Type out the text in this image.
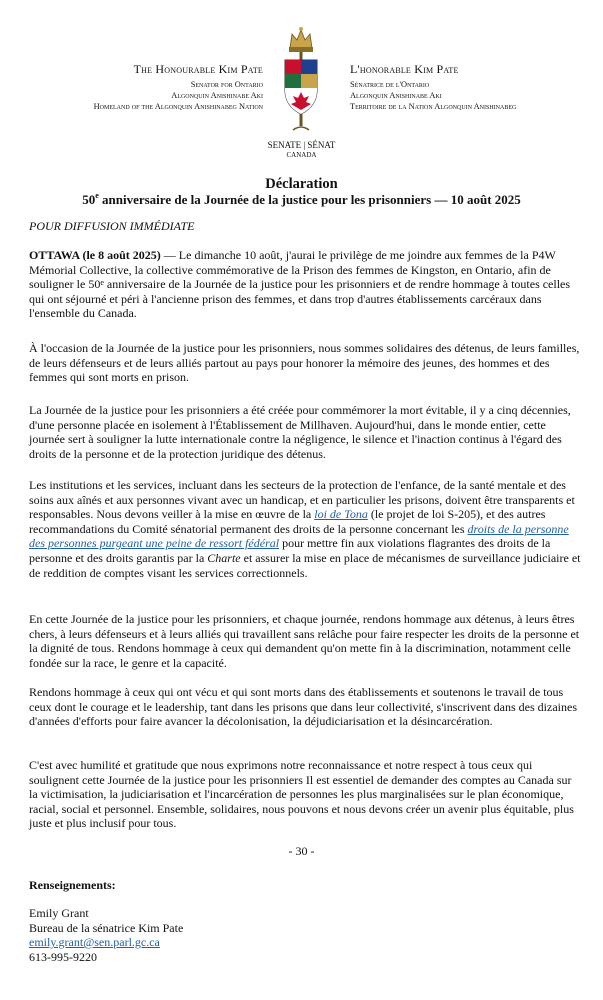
The Honourable Kim Pate
Senator for Ontario
Algonquin Anishinabe Aki
Homeland of the Algonquin Anishinabeg Nation
L'honorable Kim Pate
Sénatrice de l'Ontario
Algonquin Anishinabe Aki
Territoire de la Nation Algonquin Anishinabeg
SENATE | SÉNAT
CANADA
Déclaration
50e anniversaire de la Journée de la justice pour les prisonniers — 10 août 2025
POUR DIFFUSION IMMÉDIATE
OTTAWA (le 8 août 2025) — Le dimanche 10 août, j'aurai le privilège de me joindre aux femmes de la P4W Mémorial Collective, la collective commémorative de la Prison des femmes de Kingston, en Ontario, afin de souligner le 50e anniversaire de la Journée de la justice pour les prisonniers et de rendre hommage à toutes celles qui ont séjourné et péri à l'ancienne prison des femmes, et dans trop d'autres établissements carcéraux dans l'ensemble du Canada.
À l'occasion de la Journée de la justice pour les prisonniers, nous sommes solidaires des détenus, de leurs familles, de leurs défenseurs et de leurs alliés partout au pays pour honorer la mémoire des jeunes, des hommes et des femmes qui sont morts en prison.
La Journée de la justice pour les prisonniers a été créée pour commémorer la mort évitable, il y a cinq décennies, d'une personne placée en isolement à l'Établissement de Millhaven. Aujourd'hui, dans le monde entier, cette journée sert à souligner la lutte internationale contre la négligence, le silence et l'inaction continus à l'égard des droits de la personne et de la protection juridique des détenus.
Les institutions et les services, incluant dans les secteurs de la protection de l'enfance, de la santé mentale et des soins aux aînés et aux personnes vivant avec un handicap, et en particulier les prisons, doivent être transparents et responsables. Nous devons veiller à la mise en œuvre de la loi de Tona (le projet de loi S-205), et des autres recommandations du Comité sénatorial permanent des droits de la personne concernant les droits de la personne des personnes purgeant une peine de ressort fédéral pour mettre fin aux violations flagrantes des droits de la personne et des droits garantis par la Charte et assurer la mise en place de mécanismes de surveillance judiciaire et de reddition de comptes visant les services correctionnels.
En cette Journée de la justice pour les prisonniers, et chaque journée, rendons hommage aux détenus, à leurs êtres chers, à leurs défenseurs et à leurs alliés qui travaillent sans relâche pour faire respecter les droits de la personne et la dignité de tous. Rendons hommage à ceux qui demandent qu'on mette fin à la discrimination, notamment celle fondée sur la race, le genre et la capacité.
Rendons hommage à ceux qui ont vécu et qui sont morts dans des établissements et soutenons le travail de tous ceux dont le courage et le leadership, tant dans les prisons que dans leur collectivité, s'inscrivent dans des dizaines d'années d'efforts pour faire avancer la décolonisation, la déjudiciarisation et la désincarcération.
C'est avec humilité et gratitude que nous exprimons notre reconnaissance et notre respect à tous ceux qui soulignent cette Journée de la justice pour les prisonniers Il est essentiel de demander des comptes au Canada sur la victimisation, la judiciarisation et l'incarcération de personnes les plus marginalisées sur le plan économique, racial, social et personnel. Ensemble, solidaires, nous pouvons et nous devons créer un avenir plus équitable, plus juste et plus inclusif pour tous.
- 30 -
Renseignements:
Emily Grant
Bureau de la sénatrice Kim Pate
emily.grant@sen.parl.gc.ca
613-995-9220
